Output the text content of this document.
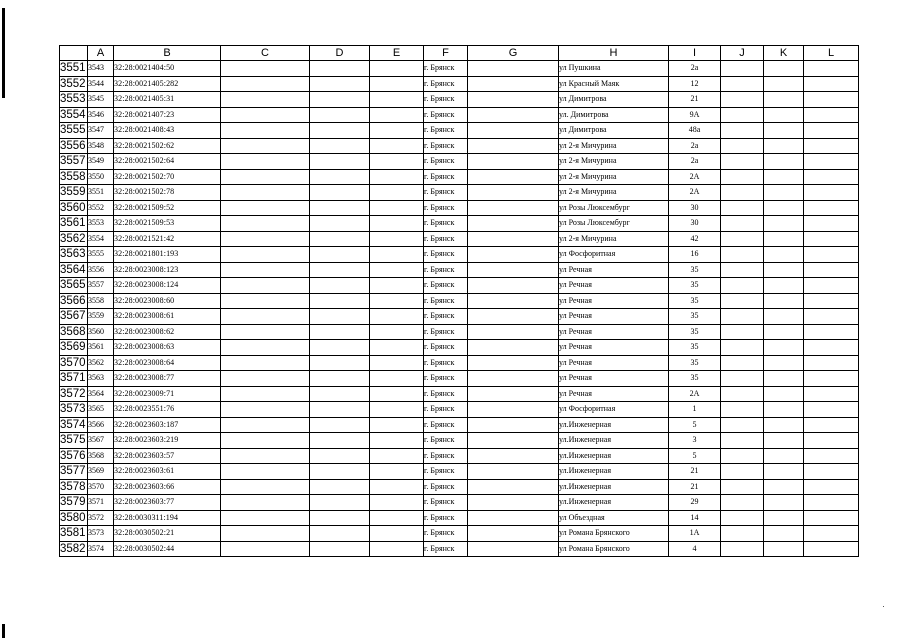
	A	B	C	D	E	F	G	H	I	J	K	L
3551	3543	32:28:0021404:50				г. Брянск		ул Пушкина	2а			
3552	3544	32:28:0021405:282				г. Брянск		ул Красный Маяк	12			
3553	3545	32:28:0021405:31				г. Брянск		ул Димитрова	21			
3554	3546	32:28:0021407:23				г. Брянск		ул. Димитрова	9А			
3555	3547	32:28:0021408:43				г. Брянск		ул Димитрова	48а			
3556	3548	32:28:0021502:62				г. Брянск		ул 2-я Мичурина	2а			
3557	3549	32:28:0021502:64				г. Брянск		ул 2-я Мичурина	2а			
3558	3550	32:28:0021502:70				г. Брянск		ул 2-я Мичурина	2А			
3559	3551	32:28:0021502:78				г. Брянск		ул 2-я Мичурина	2А			
3560	3552	32:28:0021509:52				г. Брянск		ул Розы Люксембург	30			
3561	3553	32:28:0021509:53				г. Брянск		ул Розы Люксембург	30			
3562	3554	32:28:0021521:42				г. Брянск		ул 2-я Мичурина	42			
3563	3555	32:28:0021801:193				г. Брянск		ул Фосфоритная	16			
3564	3556	32:28:0023008:123				г. Брянск		ул Речная	35			
3565	3557	32:28:0023008:124				г. Брянск		ул Речная	35			
3566	3558	32:28:0023008:60				г. Брянск		ул Речная	35			
3567	3559	32:28:0023008:61				г. Брянск		ул Речная	35			
3568	3560	32:28:0023008:62				г. Брянск		ул Речная	35			
3569	3561	32:28:0023008:63				г. Брянск		ул Речная	35			
3570	3562	32:28:0023008:64				г. Брянск		ул Речная	35			
3571	3563	32:28:0023008:77				г. Брянск		ул Речная	35			
3572	3564	32:28:0023009:71				г. Брянск		ул Речная	2А			
3573	3565	32:28:0023551:76				г. Брянск		ул Фосфоритная	1			
3574	3566	32:28:0023603:187				г. Брянск		ул.Инженерная	5			
3575	3567	32:28:0023603:219				г. Брянск		ул.Инженерная	3			
3576	3568	32:28:0023603:57				г. Брянск		ул.Инженерная	5			
3577	3569	32:28:0023603:61				г. Брянск		ул.Инженерная	21			
3578	3570	32:28:0023603:66				г. Брянск		ул.Инженерная	21			
3579	3571	32:28:0023603:77				г. Брянск		ул.Инженерная	29			
3580	3572	32:28:0030311:194				г. Брянск		ул Объездная	14			
3581	3573	32:28:0030502:21				г. Брянск		ул Романа Брянского	1А			
3582	3574	32:28:0030502:44				г. Брянск		ул Романа Брянского	4			
